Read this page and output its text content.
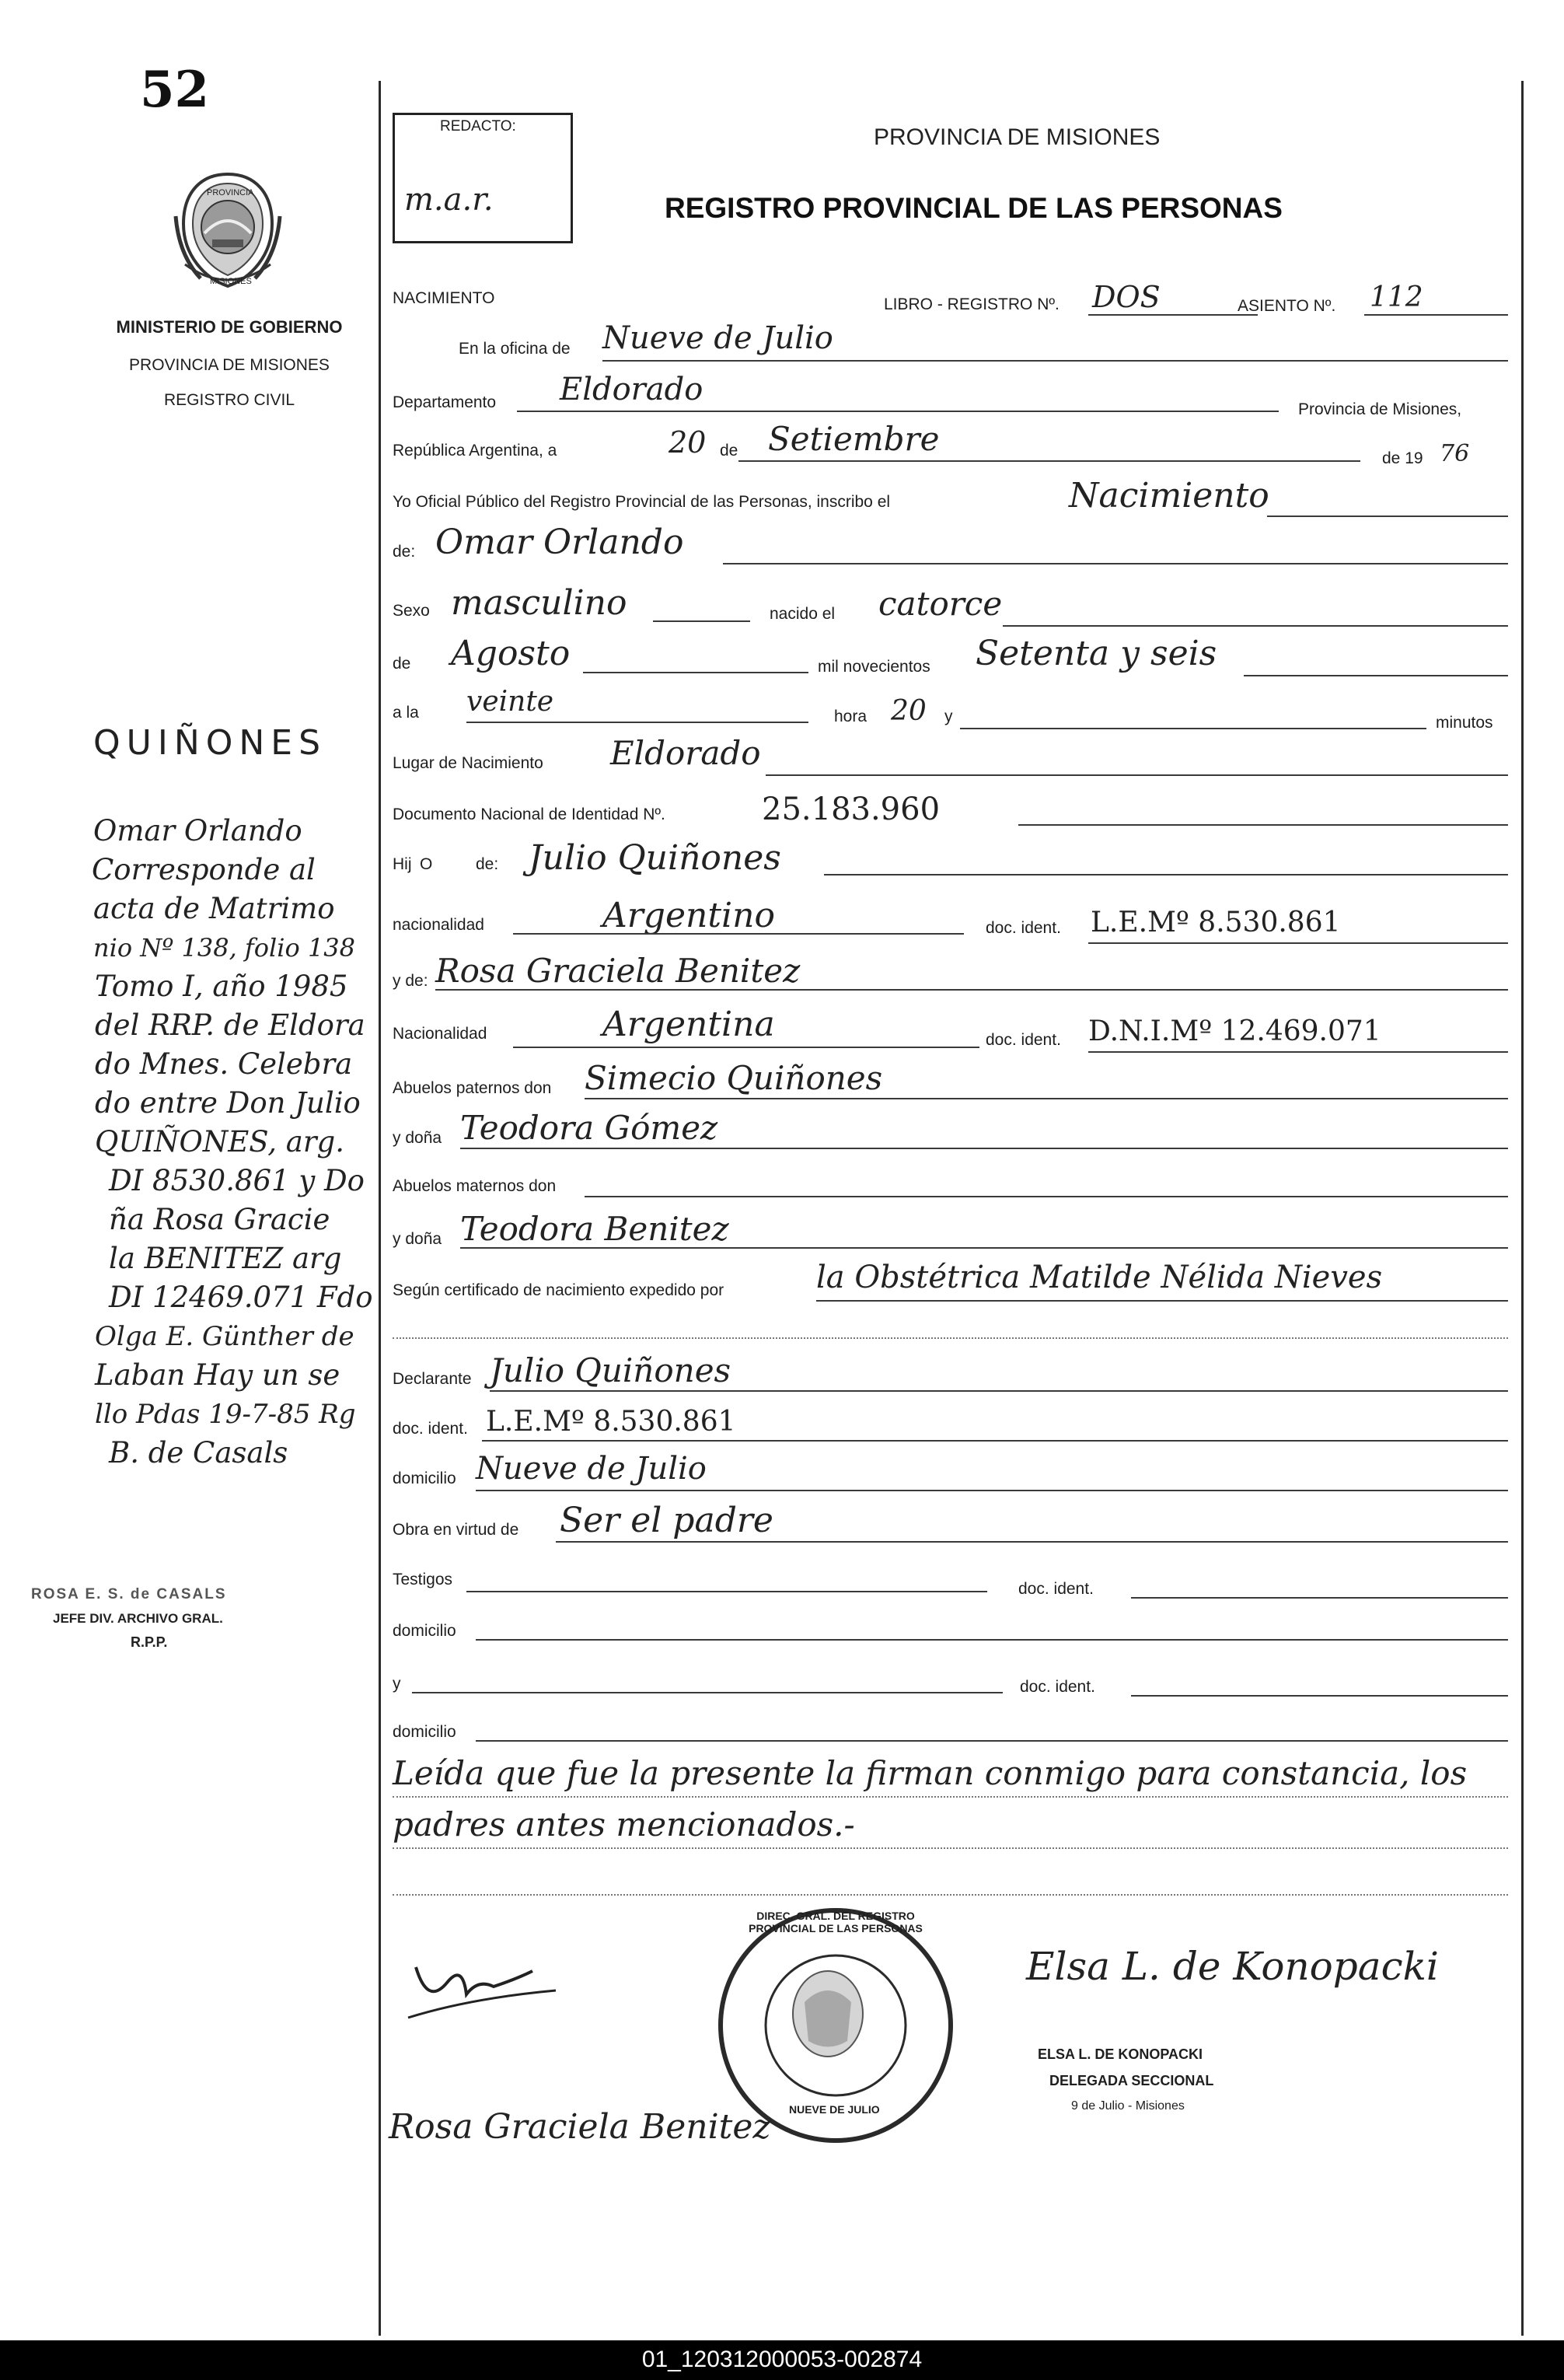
52
PROVINCIA
MISIONES
MINISTERIO DE GOBIERNO
PROVINCIA DE MISIONES
REGISTRO CIVIL
REDACTO:
m.a.r.
PROVINCIA DE MISIONES
REGISTRO PROVINCIAL DE LAS PERSONAS
NACIMIENTO	LIBRO - REGISTRO Nº. DOS	ASIENTO Nº. 112
En la oficina de Nueve de Julio
Departamento Eldorado
Provincia de Misiones,
República Argentina, a	20 de Setiembre
de 19 76
Yo Oficial Público del Registro Provincial de las Personas, inscribo el	Nacimiento
de: Omar Orlando
Sexo masculino	nacido el catorce
de Agosto	mil novecientos Setenta y seis
a la veinte	hora 20 y	minutos
Lugar de Nacimiento Eldorado
Documento Nacional de Identidad Nº.	25.183.960
Hij O	de: Julio Quiñones
nacionalidad	Argentino	doc. ident. L.E.Mº 8.530.861
y de: Rosa Graciela Benitez
Nacionalidad	Argentina	doc. ident. D.N.I.Mº 12.469.071
Abuelos paternos don Simecio Quiñones
y doña Teodora Gómez
Abuelos maternos don
y doña Teodora Benitez
Según certificado de nacimiento expedido por	la Obstétrica Matilde Nélida Nieves
Declarante Julio Quiñones
doc. ident. L.E.Mº 8.530.861
domicilio Nueve de Julio
Obra en virtud de Ser el padre
Testigos
doc. ident.
domicilio
y	doc. ident.
domicilio
Leída que fue la presente la firman conmigo para constancia, los
padres antes mencionados.-
DIREC. GRAL. DEL REGISTRO PROVINCIAL DE LAS PERSONAS
NUEVE DE JULIO
Elsa L. de Konopacki
ELSA L. DE KONOPACKI
DELEGADA SECCIONAL
9 de Julio - Misiones
Rosa Graciela Benitez
QUIÑONES
Omar Orlando
Corresponde al
acta de Matrimo
nio Nº 138, folio 138
Tomo I, año 1985
del RRP. de Eldora
do Mnes. Celebra
do entre Don Julio
QUIÑONES, arg.
DI 8530.861 y Do
ña Rosa Gracie
la BENITEZ arg
DI 12469.071 Fdo
Olga E. Günther de
Laban Hay un se
llo Pdas 19-7-85 Rg
B. de Casals
ROSA E. S. de CASALS
JEFE DIV. ARCHIVO GRAL.
R.P.P.
01_120312000053-002874
